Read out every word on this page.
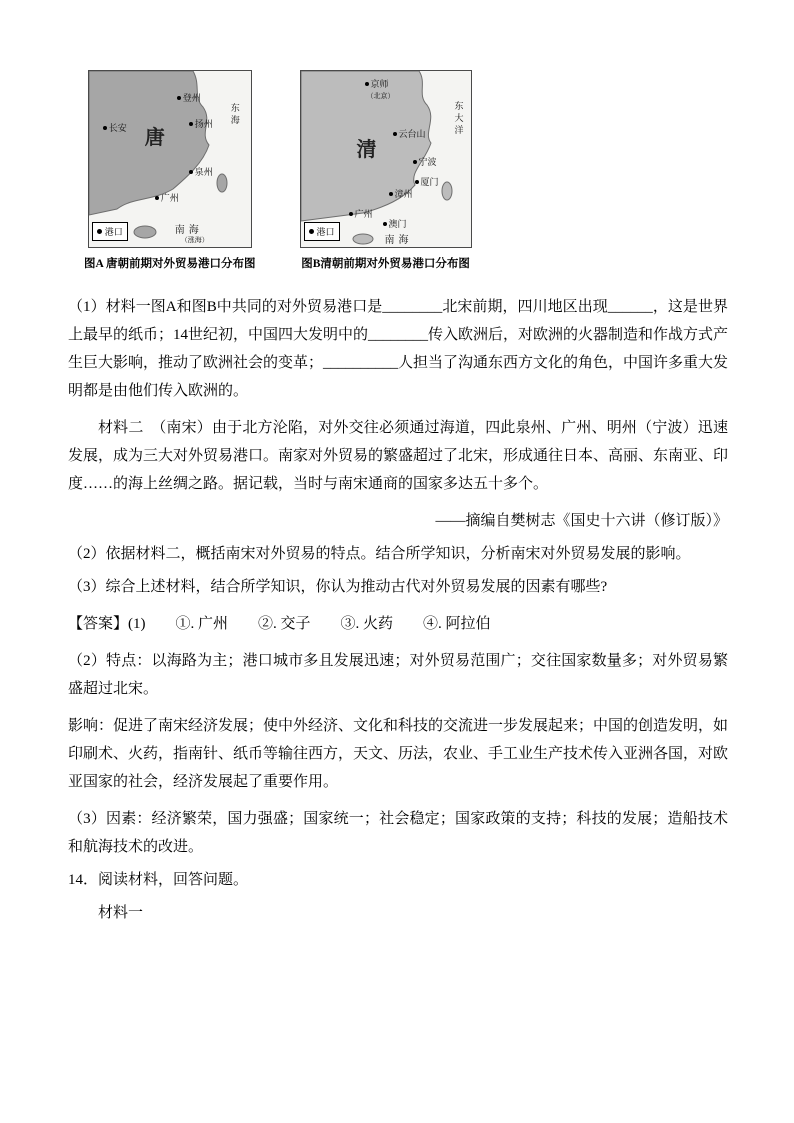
登州
长安 唐
扬州 东海
泉州
广州
南海
（涨海）
港口
图A 唐朝前期对外贸易港口分布图
京师
（北京）
东大洋
云台山
清
宁波
厦门
漳州
广州
澳门
南海
港口
图B清朝前期对外贸易港口分布图

（1）材料一图A和图B中共同的对外贸易港口是________北宋前期，四川地区出现______，这是世界上最早的纸币；14世纪初，中国四大发明中的________传入欧洲后，对欧洲的火器制造和作战方式产生巨大影响，推动了欧洲社会的变革；__________人担当了沟通东西方文化的角色，中国许多重大发明都是由他们传入欧洲的。

材料二　（南宋）由于北方沦陷，对外交往必须通过海道，四此泉州、广州、明州（宁波）迅速发展，成为三大对外贸易港口。南家对外贸易的繁盛超过了北宋，形成通往日本、高丽、东南亚、印度……的海上丝绸之路。据记载，当时与南宋通商的国家多达五十多个。

——摘编自樊树志《国史十六讲（修订版）》

（2）依据材料二，概括南宋对外贸易的特点。结合所学知识，分析南宋对外贸易发展的影响。

（3）综合上述材料，结合所学知识，你认为推动古代对外贸易发展的因素有哪些?

【答案】(1)　　①. 广州　　②. 交子　　③. 火药　　④. 阿拉伯

（2）特点：以海路为主；港口城市多且发展迅速；对外贸易范围广；交往国家数量多；对外贸易繁盛超过北宋。

影响：促进了南宋经济发展；使中外经济、文化和科技的交流进一步发展起来；中国的创造发明，如印刷术、火药，指南针、纸币等输往西方，天文、历法，农业、手工业生产技术传入亚洲各国，对欧亚国家的社会，经济发展起了重要作用。

（3）因素：经济繁荣，国力强盛；国家统一；社会稳定；国家政策的支持；科技的发展；造船技术和航海技术的改进。

14．阅读材料，回答问题。

材料一
